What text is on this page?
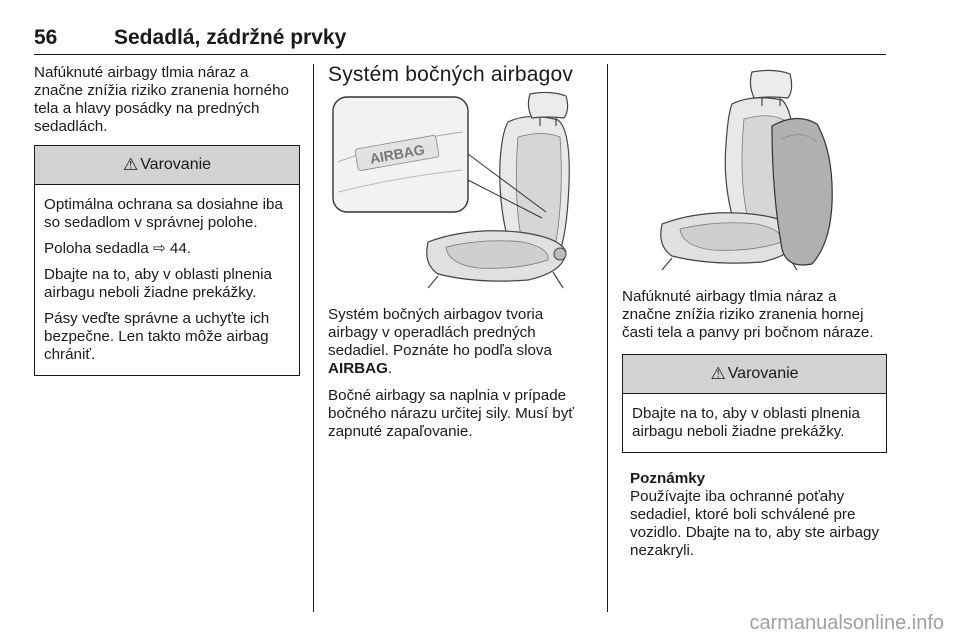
56	Sedadlá, zádržné prvky

Nafúknuté airbagy tlmia náraz a značne znížia riziko zranenia horného tela a hlavy posádky na predných sedadlách.

⚠ Varovanie

Optimálna ochrana sa dosiahne iba so sedadlom v správnej polohe.

Poloha sedadla ⇨ 44.

Dbajte na to, aby v oblasti plnenia airbagu neboli žiadne prekážky.

Pásy veďte správne a uchyťte ich bezpečne. Len takto môže airbag chrániť.

Systém bočných airbagov
AIRBAG

Systém bočných airbagov tvoria airbagy v operadlách predných sedadiel. Poznáte ho podľa slova AIRBAG.

Bočné airbagy sa naplnia v prípade bočného nárazu určitej sily. Musí byť zapnuté zapaľovanie.

Nafúknuté airbagy tlmia náraz a značne znížia riziko zranenia hornej časti tela a panvy pri bočnom náraze.

⚠ Varovanie

Dbajte na to, aby v oblasti plnenia airbagu neboli žiadne prekážky.

Poznámky
Používajte iba ochranné poťahy sedadiel, ktoré boli schválené pre vozidlo. Dbajte na to, aby ste airbagy nezakryli.
carmanualsonline.info
